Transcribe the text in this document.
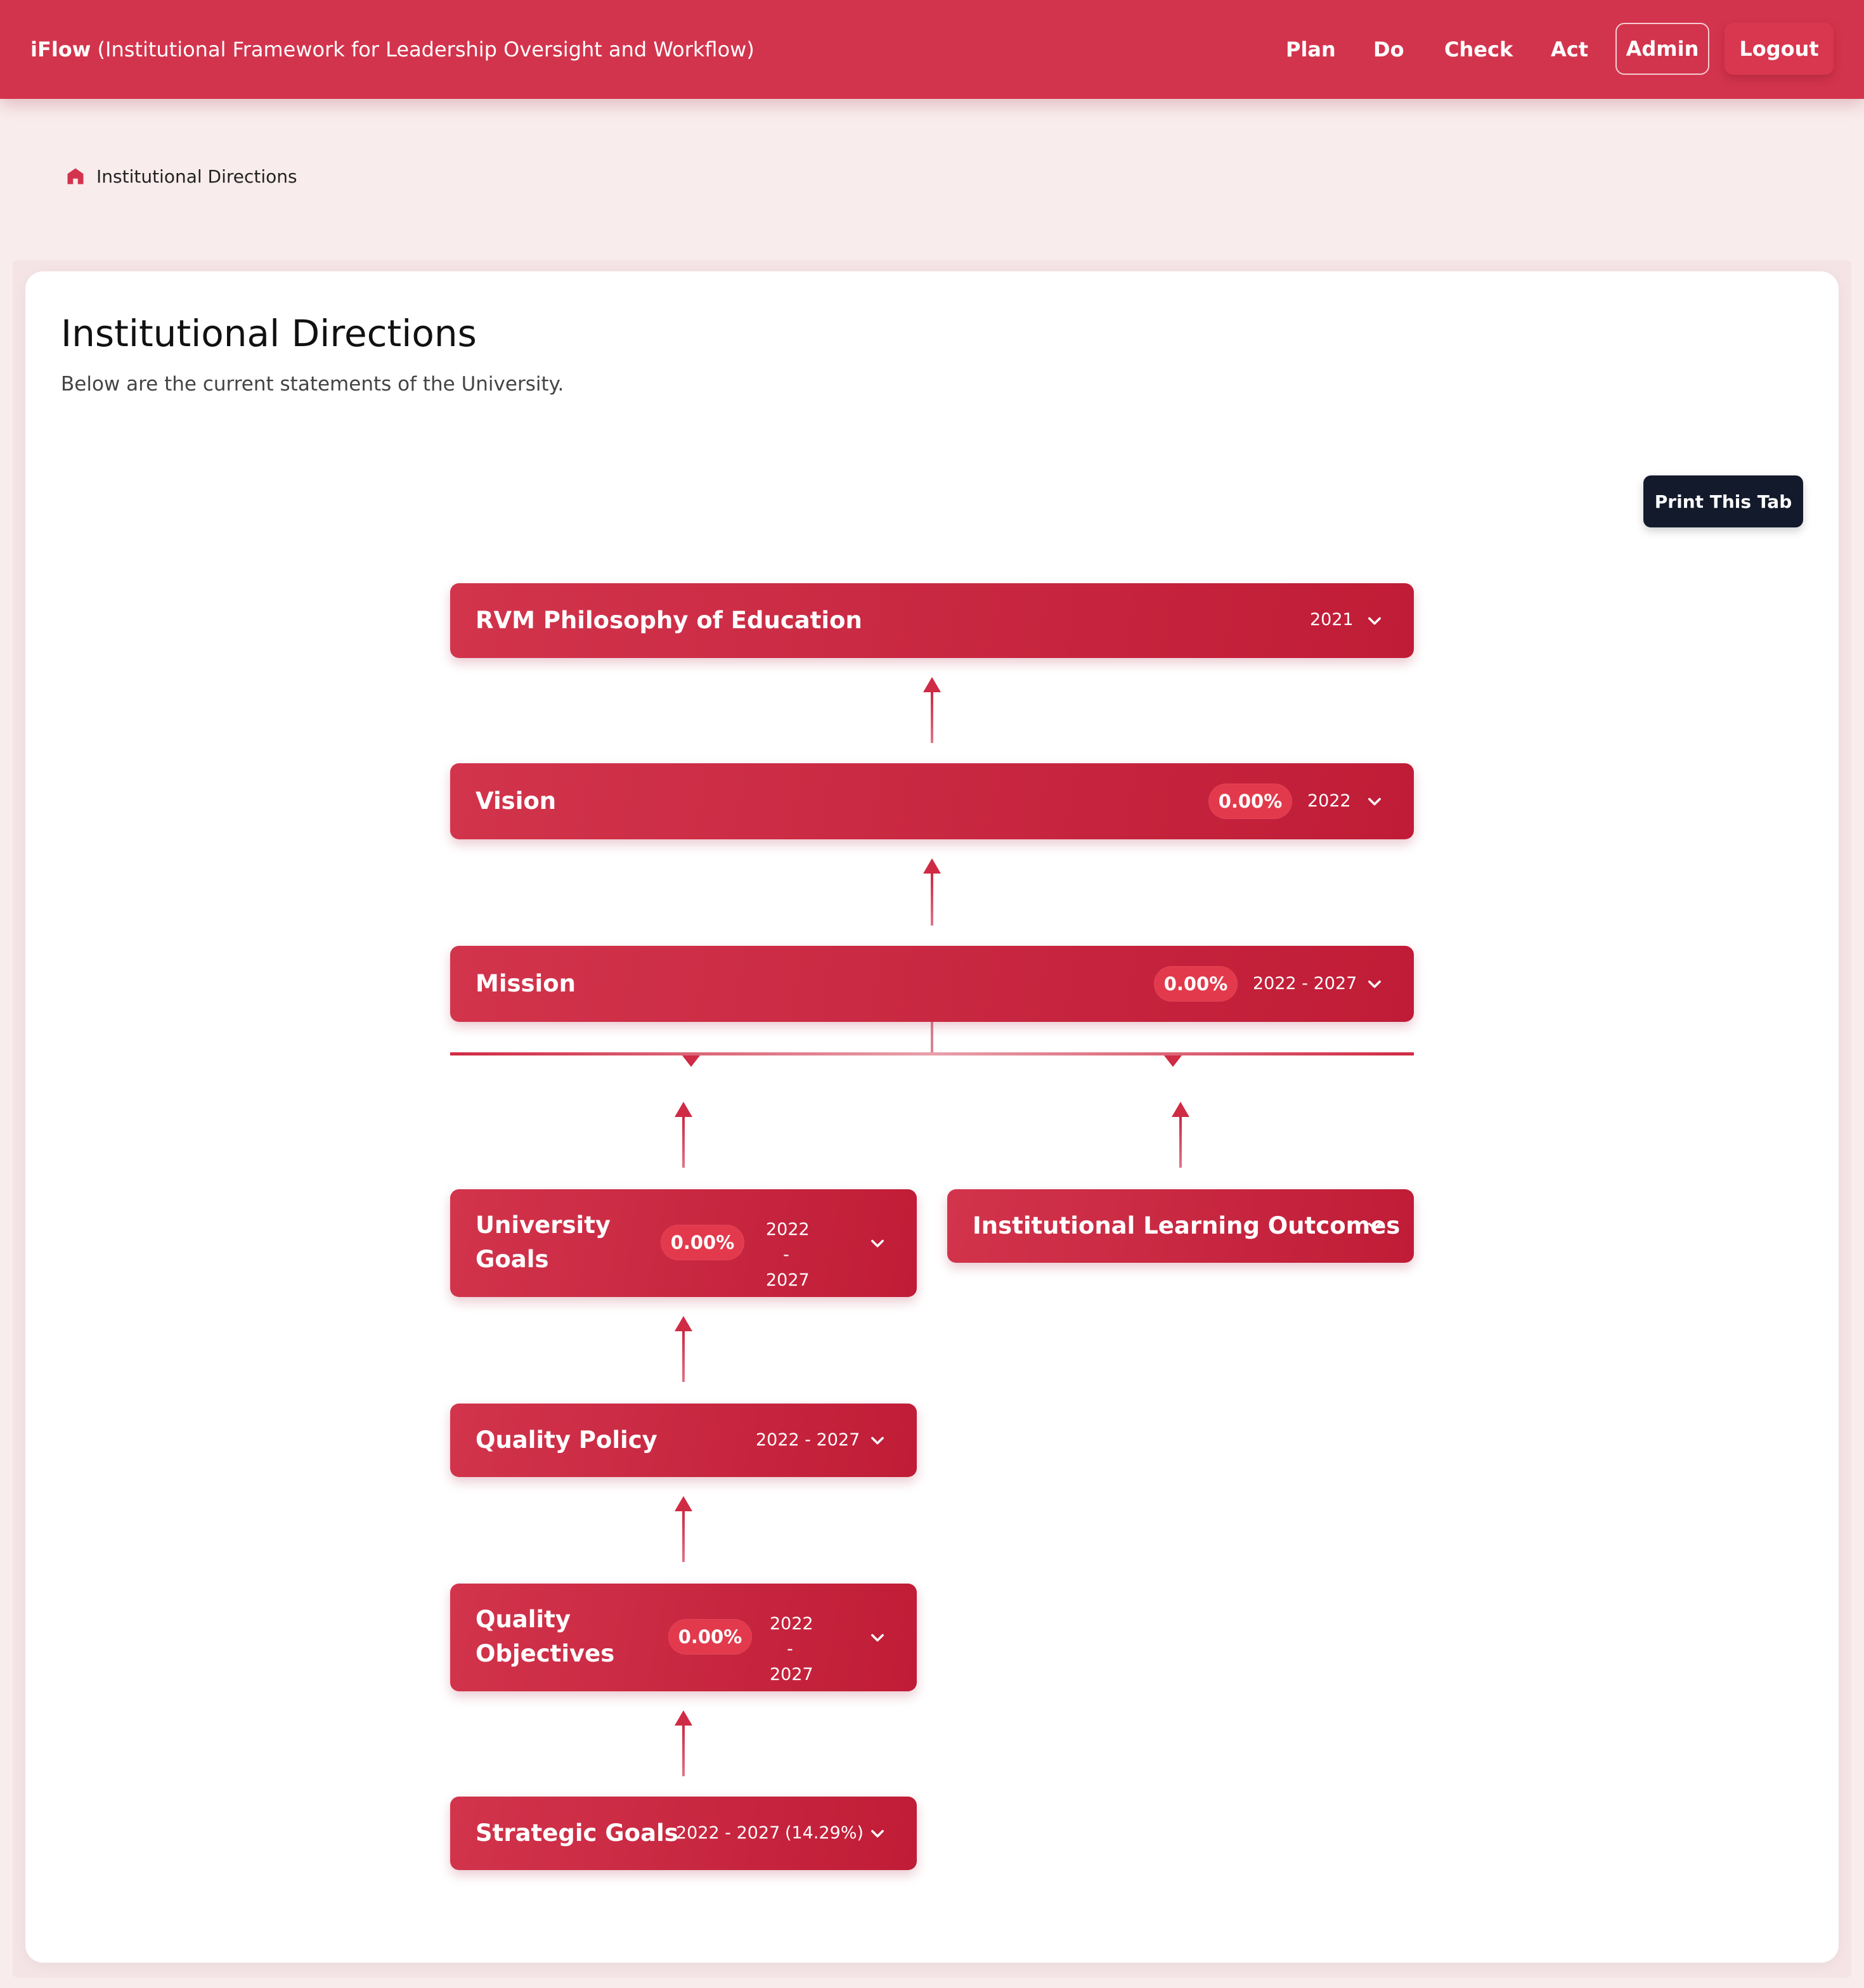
iFlow (Institutional Framework for Leadership Oversight and Workflow)	Plan Do Check Act	Admin	Logout
Institutional Directions
Institutional Directions

Below are the current statements of the University.

Print This Tab
RVM Philosophy of Education	2021
Vision	0.00%	2022
Mission	0.00%	2022 - 2027
University Goals
0.00%
2022 - 2027
Institutional Learning Outcomes
Quality Policy	2022 - 2027
Quality Objectives
0.00%
2022 - 2027
Strategic Goals
2022 - 2027 (14.29%)
